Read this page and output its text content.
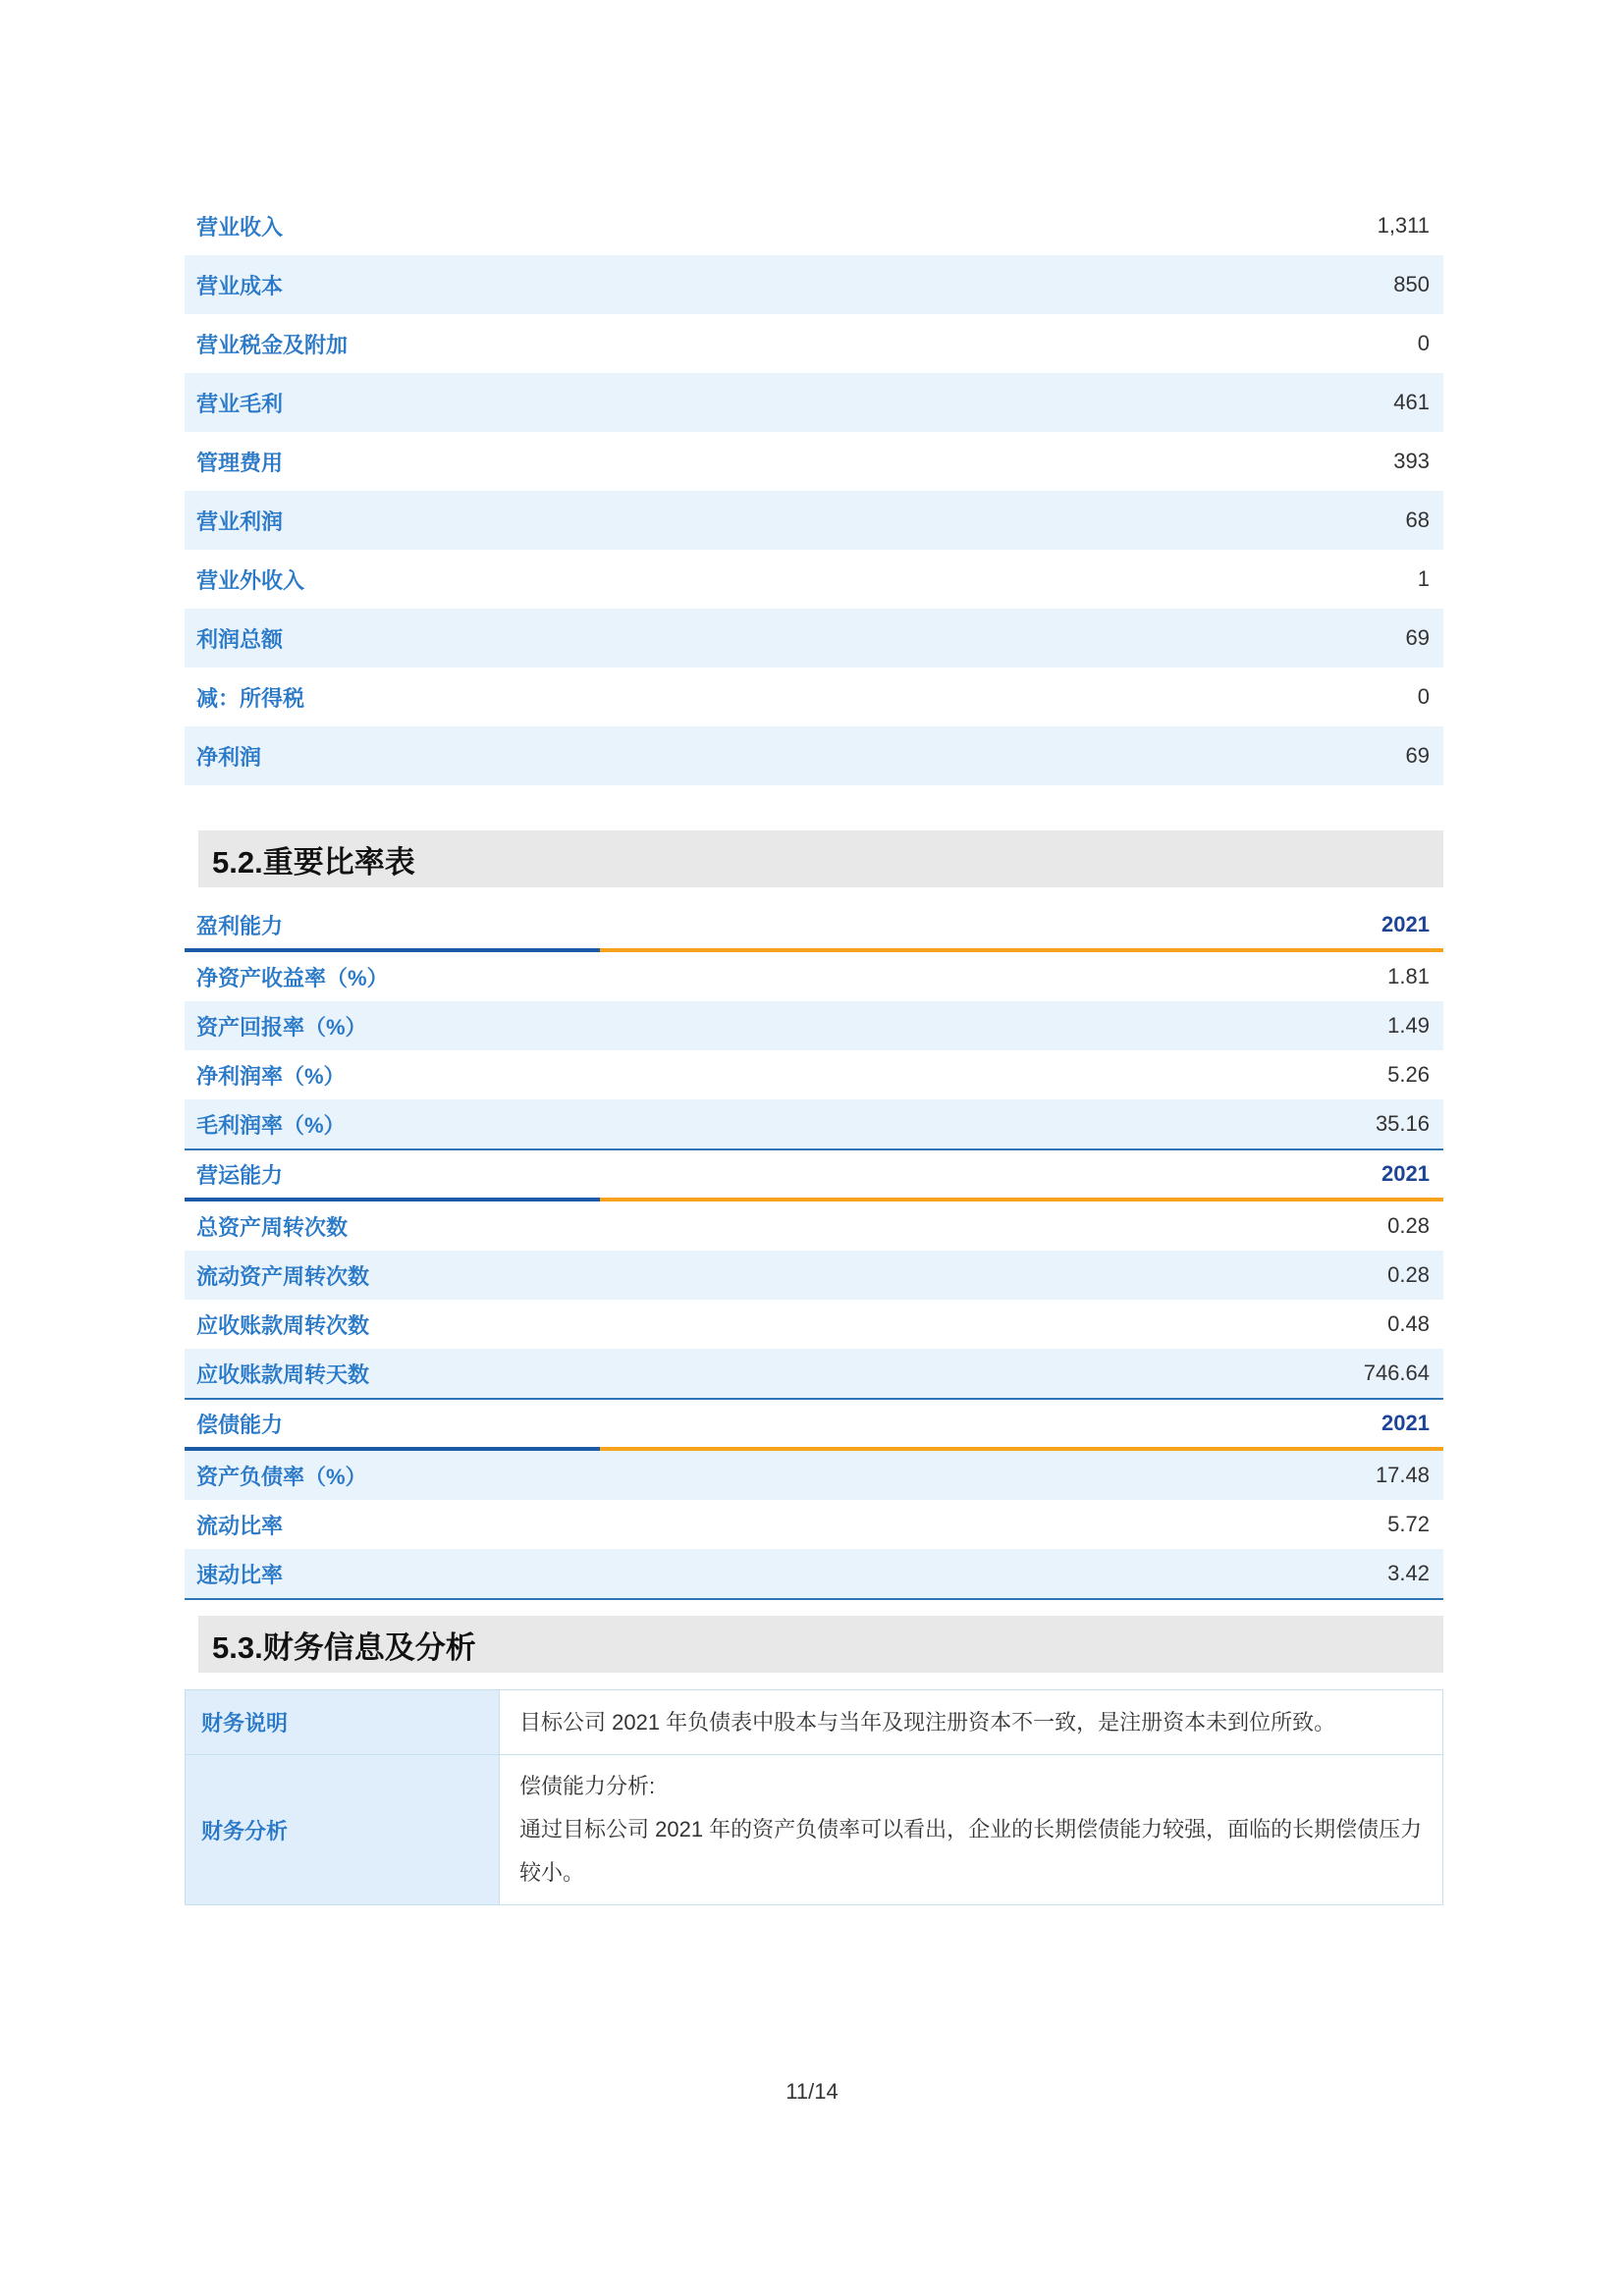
营业收入	1,311
营业成本	850
营业税金及附加	0
营业毛利	461
管理费用	393
营业利润	68
营业外收入	1
利润总额	69
减：所得税	0
净利润	69
5.2.重要比率表
盈利能力	2021
净资产收益率（%）	1.81
资产回报率（%）	1.49
净利润率（%）	5.26
毛利润率（%）	35.16
营运能力	2021
总资产周转次数	0.28
流动资产周转次数	0.28
应收账款周转次数	0.48
应收账款周转天数	746.64
偿债能力	2021
资产负债率（%）	17.48
流动比率	5.72
速动比率	3.42
5.3.财务信息及分析
财务说明	目标公司 2021 年负债表中股本与当年及现注册资本不一致，是注册资本未到位所致。

财务分析	偿债能力分析:

通过目标公司 2021 年的资产负债率可以看出，企业的长期偿债能力较强，面临的长期偿债压力较小。

11/14
